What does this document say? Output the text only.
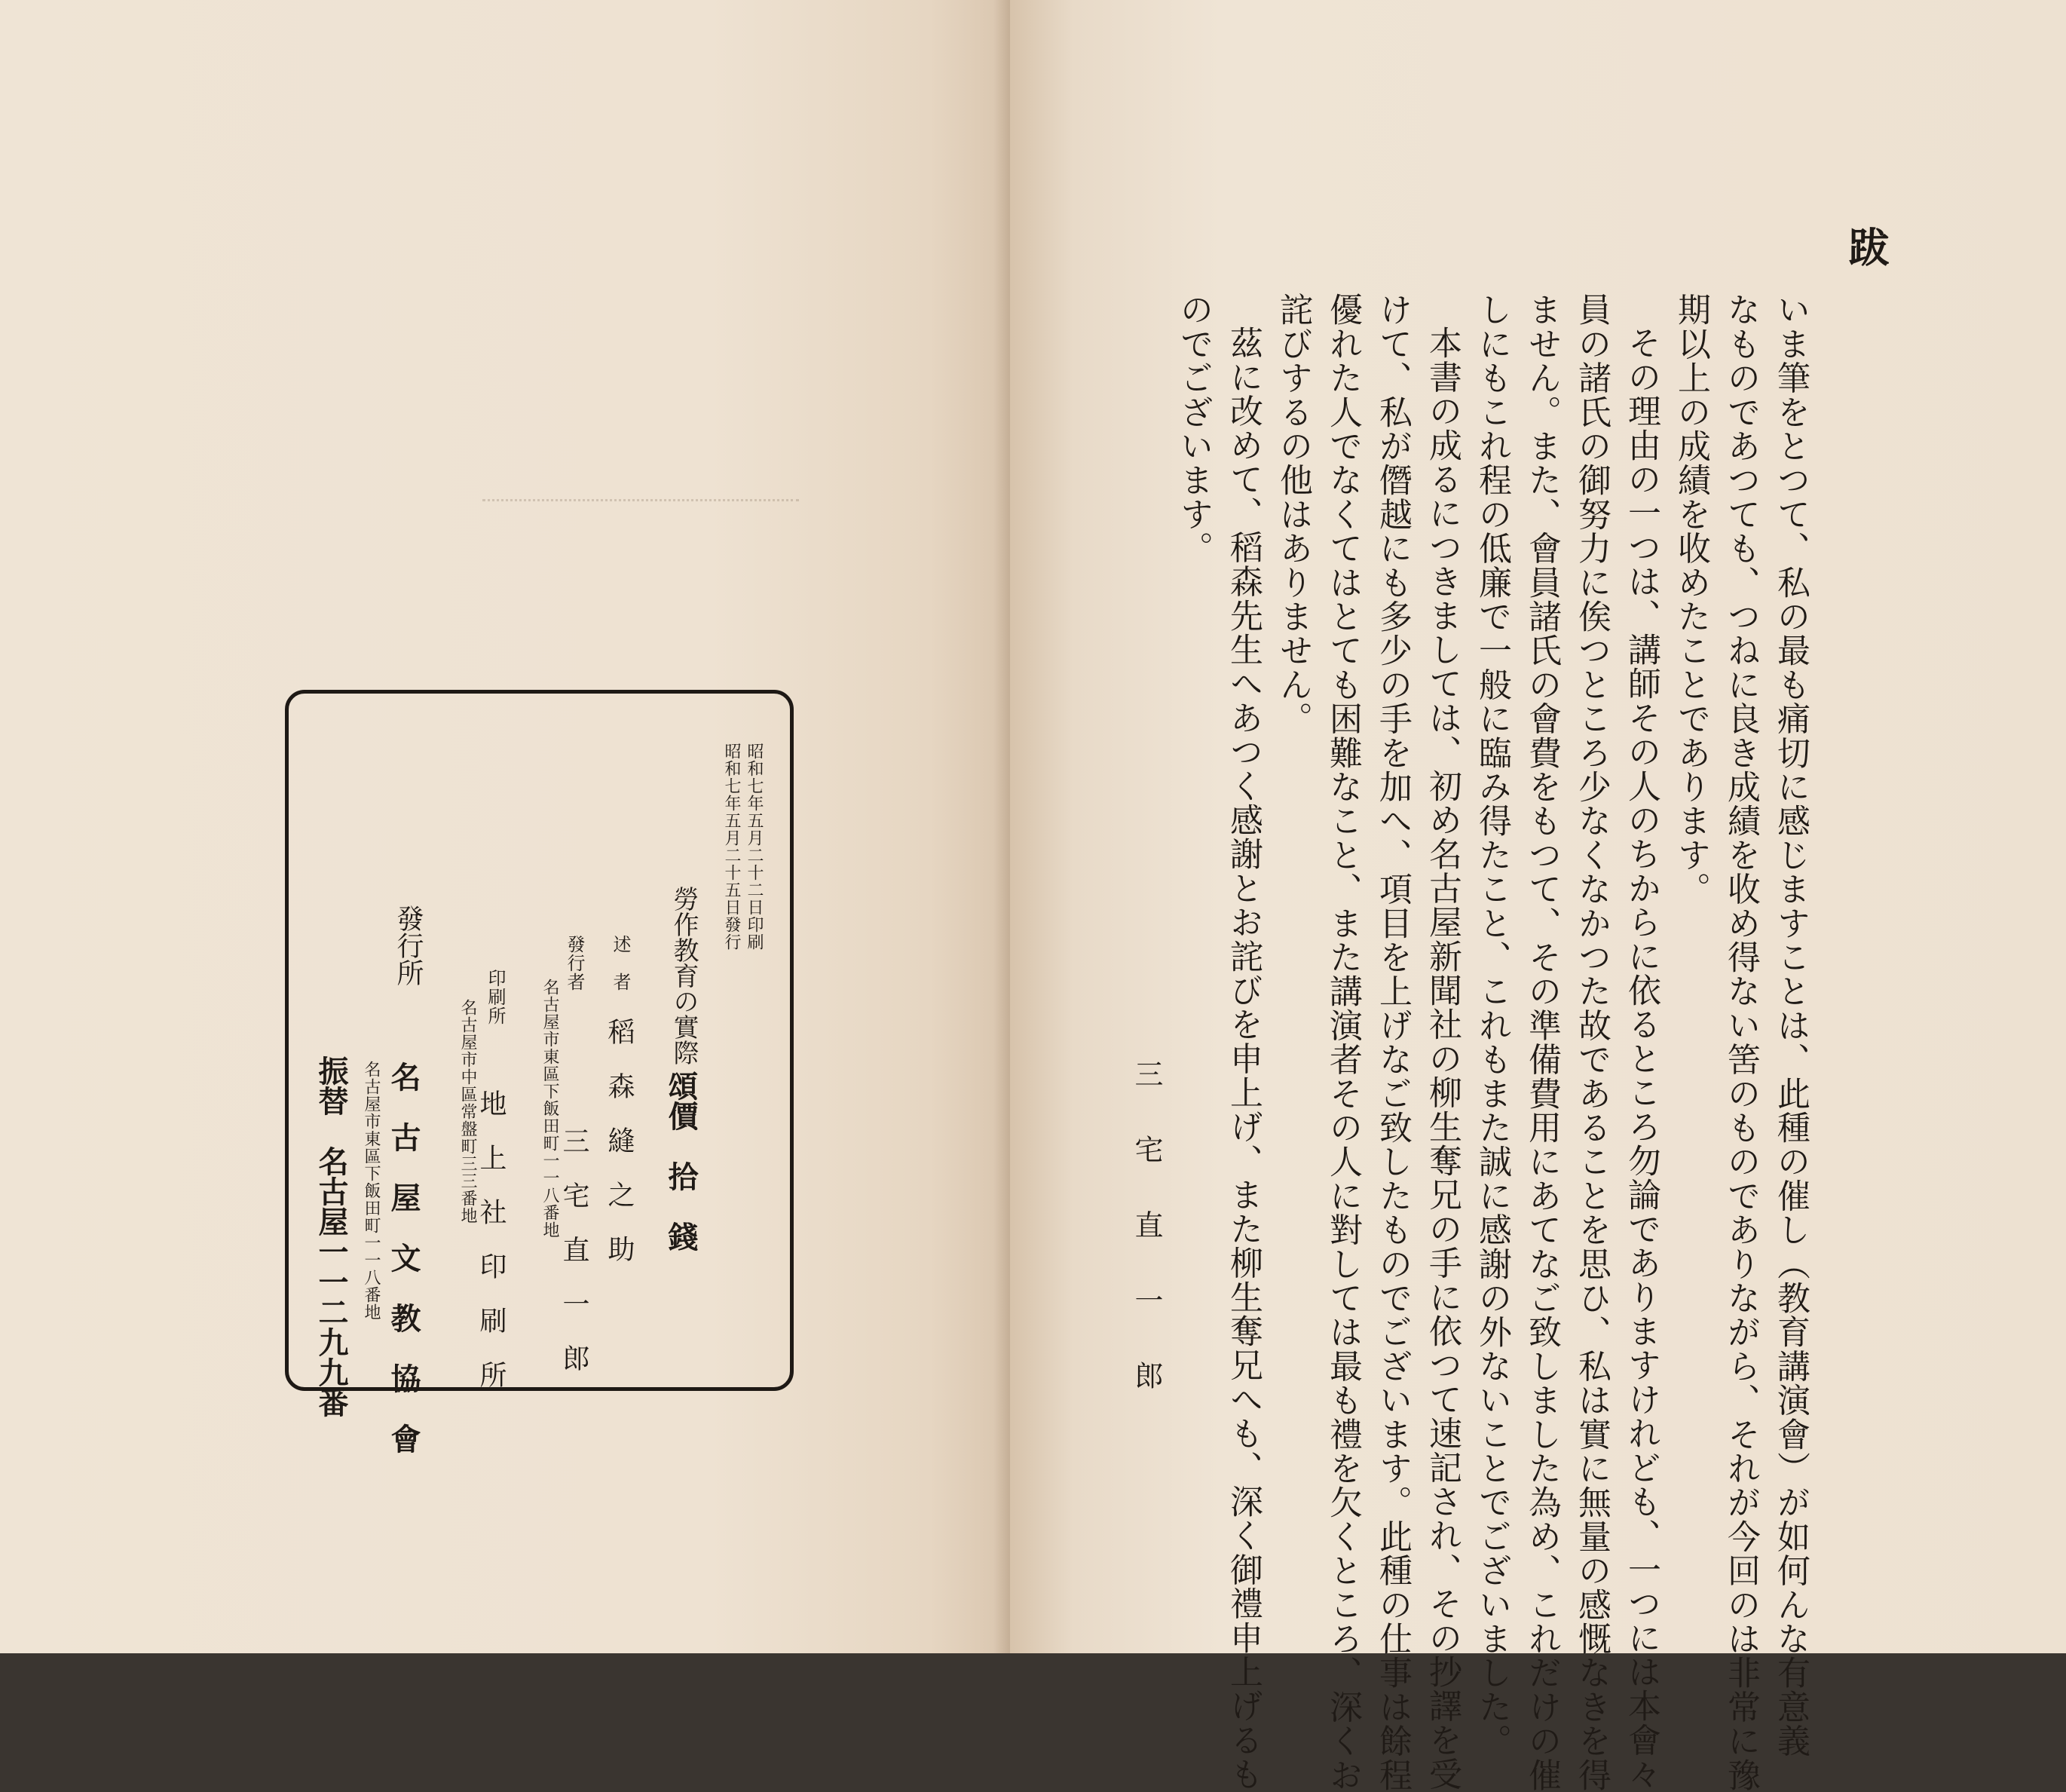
昭和七年五月二十二日印刷
昭和七年五月二十五日發行
勞作教育の實際
頌價　拾　錢
述　者
稻　森　縫　之　助
發行者
名古屋市東區下飯田町一一八番地
三　宅　直　一　郎
印刷所
名古屋市中區常盤町三三番地
地　上　社　印　刷　所
發行所
名　古　屋　文　教　協　會
名古屋市東區下飯田町一一八番地
振替　名古屋一一二九九番
跋
いま筆をとつて、私の最も痛切に感じますことは、此種の催し（教育講演會）が如何んな有意義
なものであつても、つねに良き成績を收め得ない筈のものでありながら、それが今回のは非常に豫
期以上の成績を收めたことであります。
その理由の一つは、講師その人のちからに依るところ勿論でありますけれども、一つには本會々
員の諸氏の御努力に俟つところ少なくなかつた故であることを思ひ、私は實に無量の感慨なきを得
ません。また、會員諸氏の會費をもつて、その準備費用にあてなご致しました為め、これだけの催
しにもこれ程の低廉で一般に臨み得たこと、これもまた誠に感謝の外ないことでございました。
本書の成るにつきましては、初め名古屋新聞社の柳生奪兄の手に依つて速記され、その抄譯を受
けて、私が僭越にも多少の手を加へ、項目を上げなご致したものでございます。此種の仕事は餘程
優れた人でなくてはとても困難なこと、また講演者その人に對しては最も禮を欠くところ、深くお
詫びするの他はありません。
茲に改めて、稻森先生へあつく感謝とお詫びを申上げ、また柳生奪兄へも、深く御禮申上げるも
のでございます。
三宅直一郎
